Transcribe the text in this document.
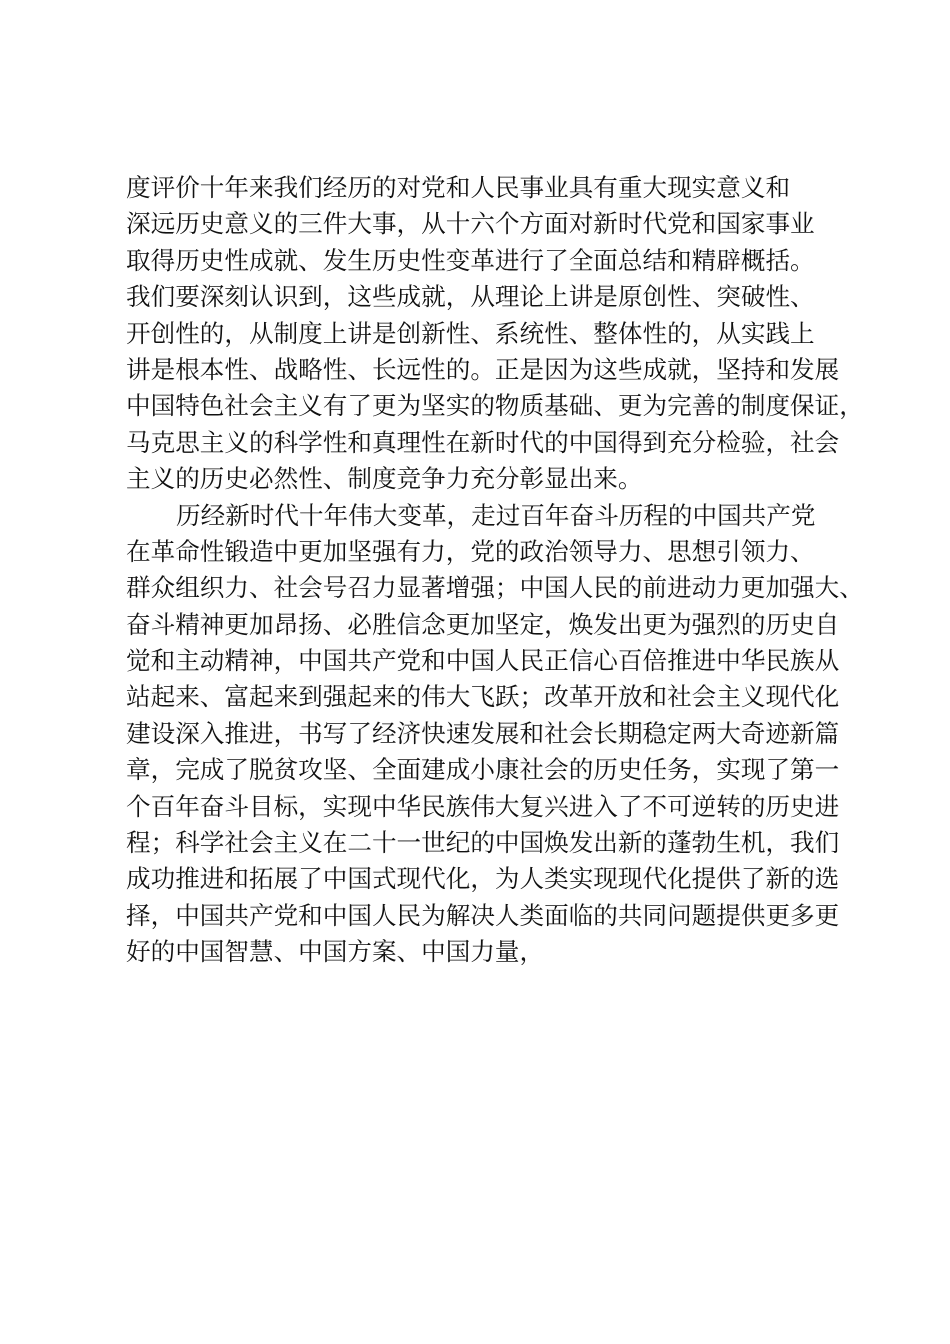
度评价十年来我们经历的对党和人民事业具有重大现实意义和
深远历史意义的三件大事，从十六个方面对新时代党和国家事业
取得历史性成就、发生历史性变革进行了全面总结和精辟概括。
我们要深刻认识到，这些成就，从理论上讲是原创性、突破性、
开创性的，从制度上讲是创新性、系统性、整体性的，从实践上
讲是根本性、战略性、长远性的。正是因为这些成就，坚持和发展
中国特色社会主义有了更为坚实的物质基础、更为完善的制度保证，
马克思主义的科学性和真理性在新时代的中国得到充分检验，社会
主义的历史必然性、制度竞争力充分彰显出来。
历经新时代十年伟大变革，走过百年奋斗历程的中国共产党
在革命性锻造中更加坚强有力，党的政治领导力、思想引领力、
群众组织力、社会号召力显著增强；中国人民的前进动力更加强大、
奋斗精神更加昂扬、必胜信念更加坚定，焕发出更为强烈的历史自
觉和主动精神，中国共产党和中国人民正信心百倍推进中华民族从
站起来、富起来到强起来的伟大飞跃；改革开放和社会主义现代化
建设深入推进，书写了经济快速发展和社会长期稳定两大奇迹新篇
章，完成了脱贫攻坚、全面建成小康社会的历史任务，实现了第一
个百年奋斗目标，实现中华民族伟大复兴进入了不可逆转的历史进
程；科学社会主义在二十一世纪的中国焕发出新的蓬勃生机，我们
成功推进和拓展了中国式现代化，为人类实现现代化提供了新的选
择，中国共产党和中国人民为解决人类面临的共同问题提供更多更
好的中国智慧、中国方案、中国力量，
